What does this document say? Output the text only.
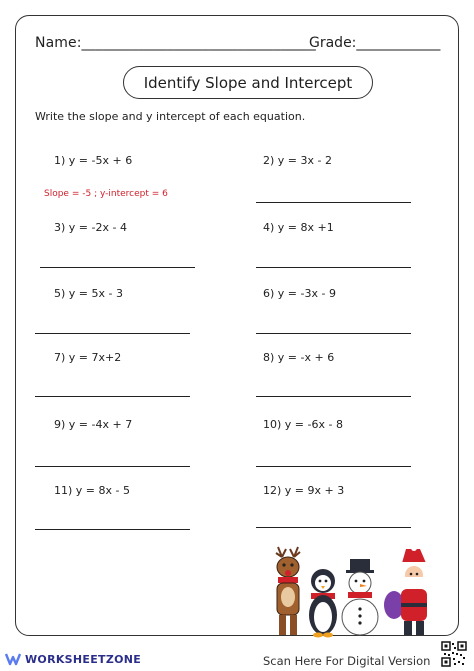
Name:_________________________________
Grade:____________
Identify Slope and Intercept
Write the slope and y intercept of each equation.
1) y = -5x + 6	2) y = 3x - 2
Slope = -5 ; y-intercept = 6
3) y = -2x - 4	4) y = 8x +1
5) y = 5x - 3	6) y = -3x - 9
7) y = 7x+2	8) y = -x + 6
9) y = -4x + 7	10) y = -6x - 8
11) y = 8x - 5	12) y = 9x + 3
WORKSHEETZONE	Scan Here For Digital Version
